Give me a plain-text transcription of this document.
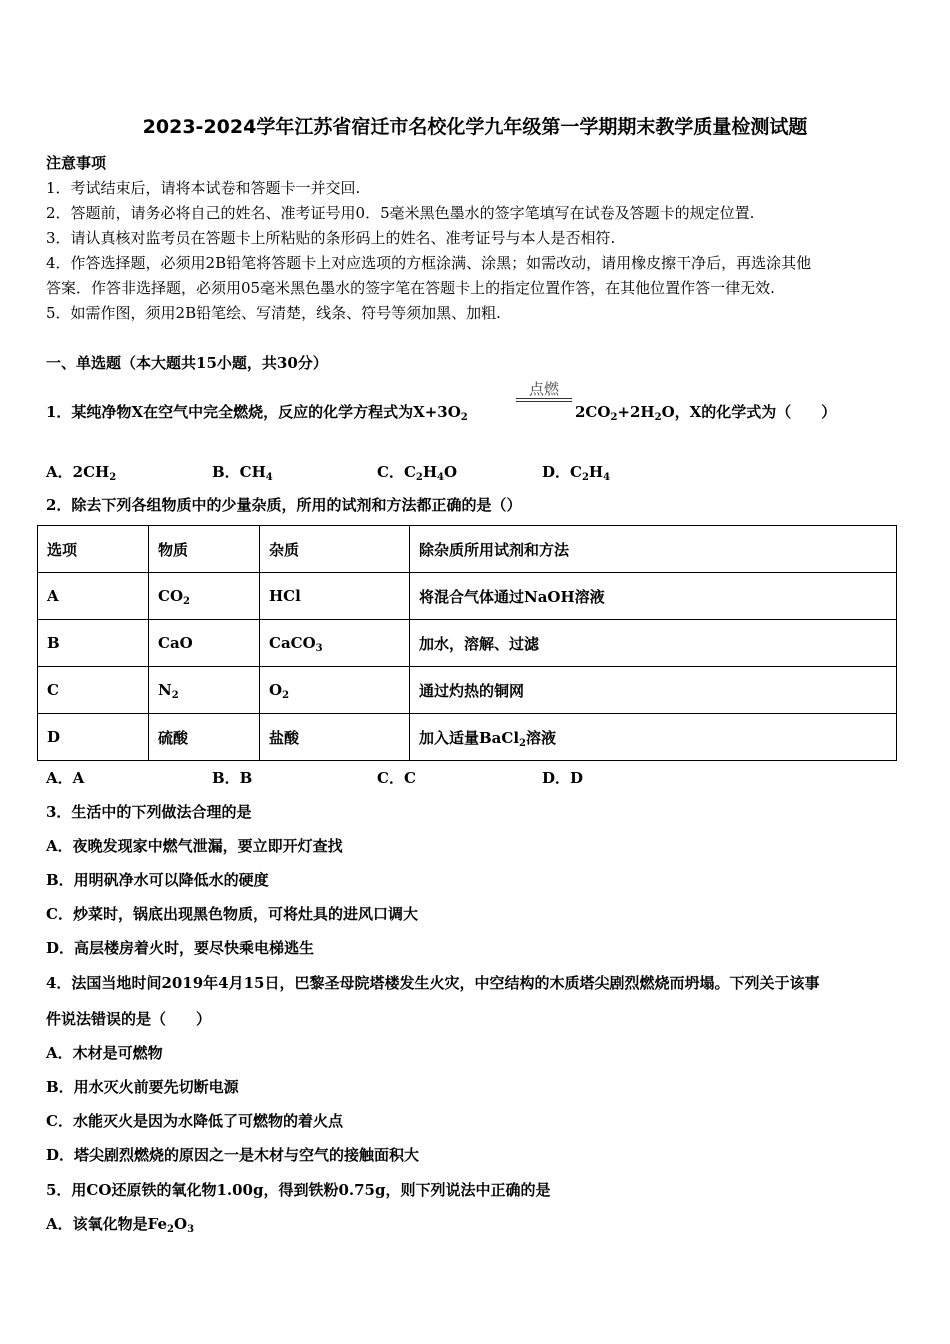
2023-2024学年江苏省宿迁市名校化学九年级第一学期期末教学质量检测试题
注意事项
1．考试结束后，请将本试卷和答题卡一并交回.
2．答题前，请务必将自己的姓名、准考证号用0．5毫米黑色墨水的签字笔填写在试卷及答题卡的规定位置.
3．请认真核对监考员在答题卡上所粘贴的条形码上的姓名、准考证号与本人是否相符.
4．作答选择题，必须用2B铅笔将答题卡上对应选项的方框涂满、涂黑；如需改动，请用橡皮擦干净后，再选涂其他
答案．作答非选择题，必须用05毫米黑色墨水的签字笔在答题卡上的指定位置作答，在其他位置作答一律无效.
5．如需作图，须用2B铅笔绘、写清楚，线条、符号等须加黑、加粗.
一、单选题（本大题共15小题，共30分）
点燃
1．某纯净物X在空气中完全燃烧，反应的化学方程式为$X+3O_2$	$2CO_2+2H_2O$，X的化学式为（　　）
A．$2CH_2$	B．$CH_4$	C．$C_2H_4O$	D．$C_2H_4$
2．除去下列各组物质中的少量杂质，所用的试剂和方法都正确的是（）
选项	物质	杂质	除杂质所用试剂和方法
A	$CO_2$	HCl	将混合气体通过NaOH溶液
B	CaO	CaCO$_3$	加水，溶解、过滤
C	$N_2$	$O_2$	通过灼热的铜网
D	硫酸	盐酸	加入适量BaCl$_2$溶液
A．A	B．B	C．C	D．D
3．生活中的下列做法合理的是
A．夜晚发现家中燃气泄漏，要立即开灯查找
B．用明矾净水可以降低水的硬度
C．炒菜时，锅底出现黑色物质，可将灶具的进风口调大
D．高层楼房着火时，要尽快乘电梯逃生
4．法国当地时间2019年4月15日，巴黎圣母院塔楼发生火灾，中空结构的木质塔尖剧烈燃烧而坍塌。下列关于该事
件说法错误的是（　　）
A．木材是可燃物
B．用水灭火前要先切断电源
C．水能灭火是因为水降低了可燃物的着火点
D．塔尖剧烈燃烧的原因之一是木材与空气的接触面积大
5．用CO还原铁的氧化物1.00g，得到铁粉0.75g，则下列说法中正确的是
A．该氧化物是$Fe_2O_3$
